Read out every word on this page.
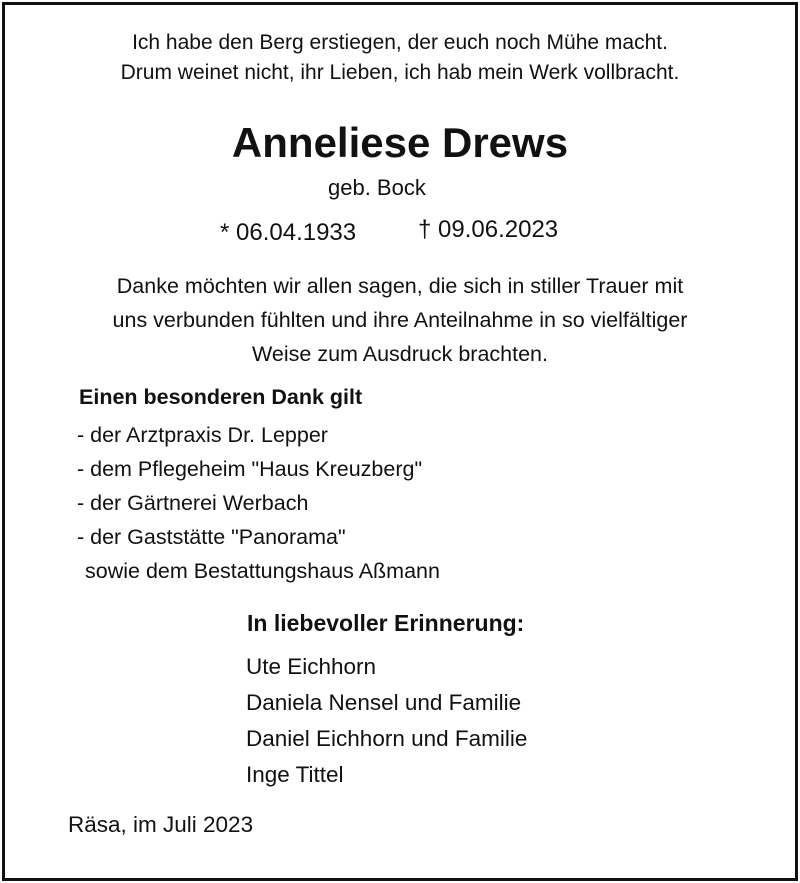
Ich habe den Berg erstiegen, der euch noch Mühe macht.
Drum weinet nicht, ihr Lieben, ich hab mein Werk vollbracht.
Anneliese Drews
geb. Bock
* 06.04.1933	† 09.06.2023
Danke möchten wir allen sagen, die sich in stiller Trauer mit
uns verbunden fühlten und ihre Anteilnahme in so vielfältiger
Weise zum Ausdruck brachten.
Einen besonderen Dank gilt
- der Arztpraxis Dr. Lepper
- dem Pflegeheim "Haus Kreuzberg"
- der Gärtnerei Werbach
- der Gaststätte "Panorama"
sowie dem Bestattungshaus Aßmann
In liebevoller Erinnerung:
Ute Eichhorn
Daniela Nensel und Familie
Daniel Eichhorn und Familie
Inge Tittel
Räsa, im Juli 2023
